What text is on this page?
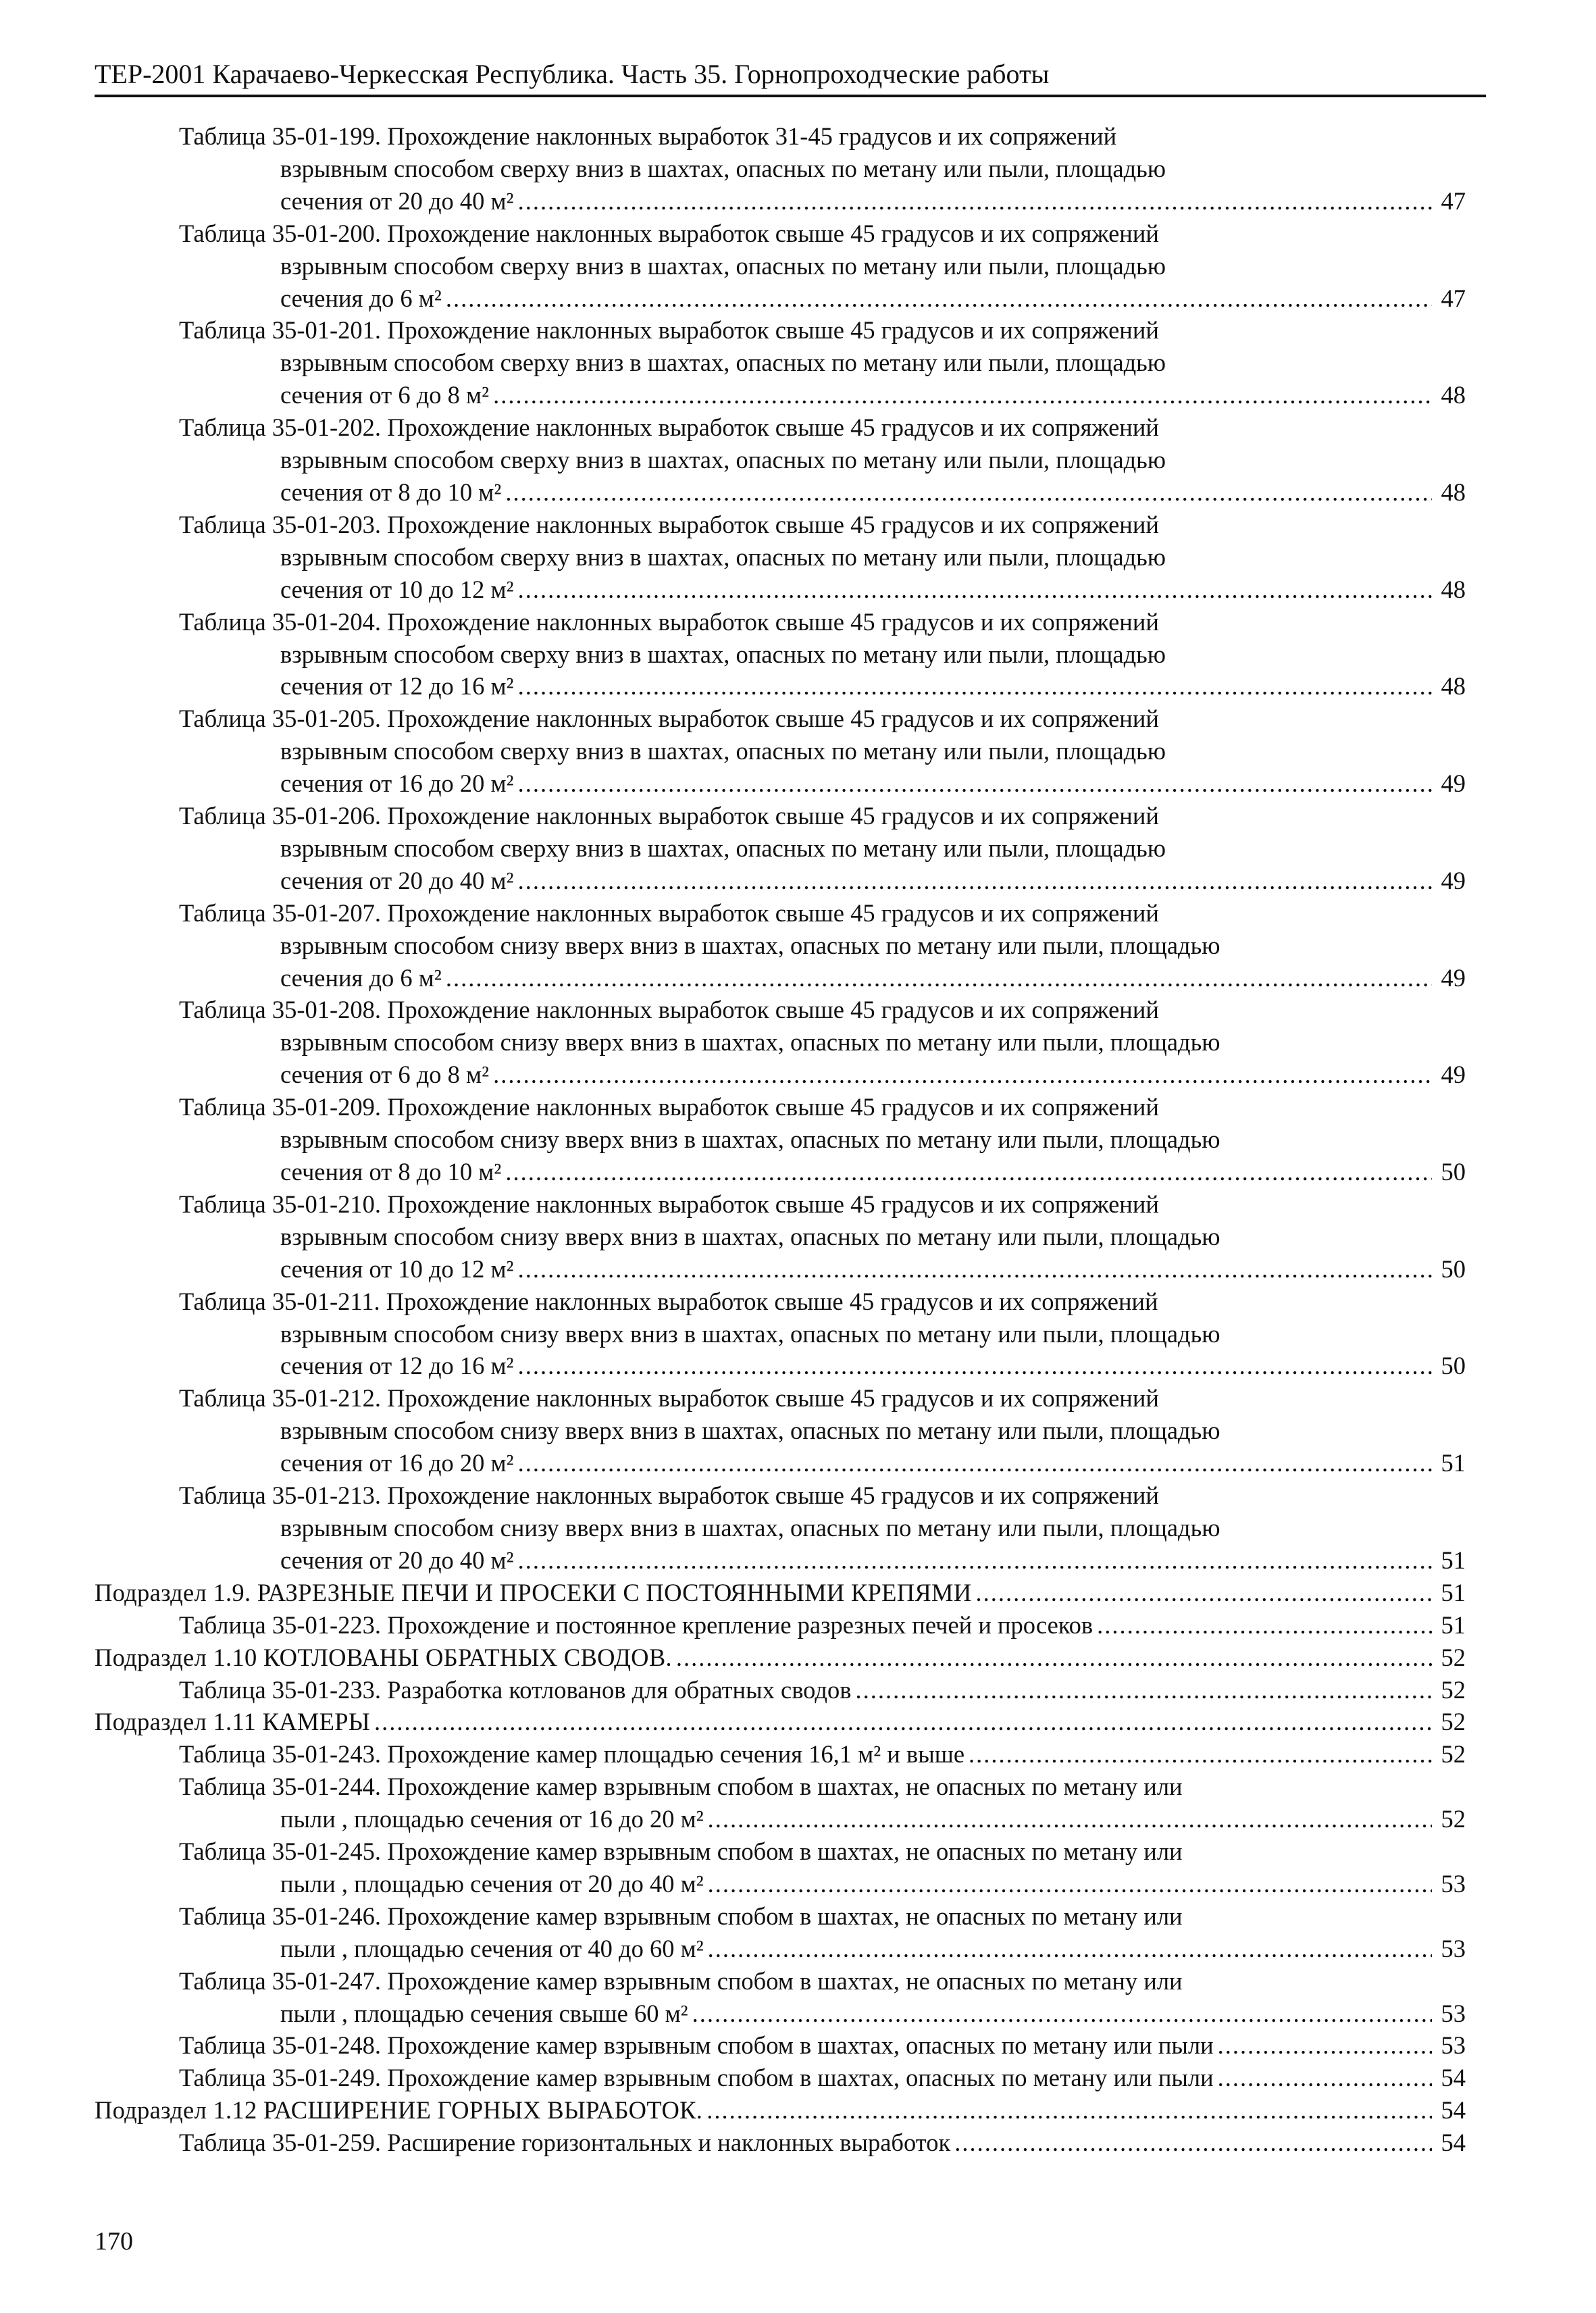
ТЕР-2001 Карачаево-Черкесская Республика. Часть 35. Горнопроходческие работы
Таблица 35-01-199. Прохождение наклонных выработок 31-45 градусов и их сопряжений
взрывным способом сверху вниз в шахтах, опасных по метану или пыли, площадью
сечения от 20 до 40 м² .....	47
Таблица 35-01-200. Прохождение наклонных выработок свыше 45 градусов и их сопряжений
взрывным способом сверху вниз в шахтах, опасных по метану или пыли, площадью
сечения до 6 м² .....	47
Таблица 35-01-201. Прохождение наклонных выработок свыше 45 градусов и их сопряжений
взрывным способом сверху вниз в шахтах, опасных по метану или пыли, площадью
сечения от 6 до 8 м² .....	48
Таблица 35-01-202. Прохождение наклонных выработок свыше 45 градусов и их сопряжений
взрывным способом сверху вниз в шахтах, опасных по метану или пыли, площадью
сечения от 8 до 10 м² .....	48
Таблица 35-01-203. Прохождение наклонных выработок свыше 45 градусов и их сопряжений
взрывным способом сверху вниз в шахтах, опасных по метану или пыли, площадью
сечения от 10 до 12 м² .....	48
Таблица 35-01-204. Прохождение наклонных выработок свыше 45 градусов и их сопряжений
взрывным способом сверху вниз в шахтах, опасных по метану или пыли, площадью
сечения от 12 до 16 м² .....	48
Таблица 35-01-205. Прохождение наклонных выработок свыше 45 градусов и их сопряжений
взрывным способом сверху вниз в шахтах, опасных по метану или пыли, площадью
сечения от 16 до 20 м² .....	49
Таблица 35-01-206. Прохождение наклонных выработок свыше 45 градусов и их сопряжений
взрывным способом сверху вниз в шахтах, опасных по метану или пыли, площадью
сечения от 20 до 40 м² .....	49
Таблица 35-01-207. Прохождение наклонных выработок свыше 45 градусов и их сопряжений
взрывным способом снизу вверх вниз в шахтах, опасных по метану или пыли, площадью
сечения до 6 м² .....	49
Таблица 35-01-208. Прохождение наклонных выработок свыше 45 градусов и их сопряжений
взрывным способом снизу вверх вниз в шахтах, опасных по метану или пыли, площадью
сечения от 6 до 8 м² .....	49
Таблица 35-01-209. Прохождение наклонных выработок свыше 45 градусов и их сопряжений
взрывным способом снизу вверх вниз в шахтах, опасных по метану или пыли, площадью
сечения от 8 до 10 м² .....	50
Таблица 35-01-210. Прохождение наклонных выработок свыше 45 градусов и их сопряжений
взрывным способом снизу вверх вниз в шахтах, опасных по метану или пыли, площадью
сечения от 10 до 12 м² .....	50
Таблица 35-01-211. Прохождение наклонных выработок свыше 45 градусов и их сопряжений
взрывным способом снизу вверх вниз в шахтах, опасных по метану или пыли, площадью
сечения от 12 до 16 м² .....	50
Таблица 35-01-212. Прохождение наклонных выработок свыше 45 градусов и их сопряжений
взрывным способом снизу вверх вниз в шахтах, опасных по метану или пыли, площадью
сечения от 16 до 20 м² .....	51
Таблица 35-01-213. Прохождение наклонных выработок свыше 45 градусов и их сопряжений
взрывным способом снизу вверх вниз в шахтах, опасных по метану или пыли, площадью
сечения от 20 до 40 м² .....	51
Подраздел 1.9. РАЗРЕЗНЫЕ ПЕЧИ И ПРОСЕКИ С ПОСТОЯННЫМИ КРЕПЯМИ .....	51
Таблица 35-01-223. Прохождение и постоянное крепление разрезных печей и просеков .....	51
Подраздел 1.10 КОТЛОВАНЫ ОБРАТНЫХ СВОДОВ. .....	52
Таблица 35-01-233. Разработка котлованов для обратных сводов .....	52
Подраздел 1.11 КАМЕРЫ .....	52
Таблица 35-01-243. Прохождение камер площадью сечения 16,1 м² и выше .....	52
Таблица 35-01-244. Прохождение камер взрывным спобом в шахтах, не опасных по метану или
пыли , площадью сечения от 16 до 20 м² .....	52
Таблица 35-01-245. Прохождение камер взрывным спобом в шахтах, не опасных по метану или
пыли , площадью сечения от 20 до 40 м² .....	53
Таблица 35-01-246. Прохождение камер взрывным спобом в шахтах, не опасных по метану или
пыли , площадью сечения от 40 до 60 м² .....	53
Таблица 35-01-247. Прохождение камер взрывным спобом в шахтах, не опасных по метану или
пыли , площадью сечения свыше 60 м² .....	53
Таблица 35-01-248. Прохождение камер взрывным спобом в шахтах, опасных по метану или пыли .....	53
Таблица 35-01-249. Прохождение камер взрывным спобом в шахтах, опасных по метану или пыли .....	54
Подраздел 1.12 РАСШИРЕНИЕ ГОРНЫХ ВЫРАБОТОК. .....	54
Таблица 35-01-259. Расширение горизонтальных и наклонных выработок .....	54
170
